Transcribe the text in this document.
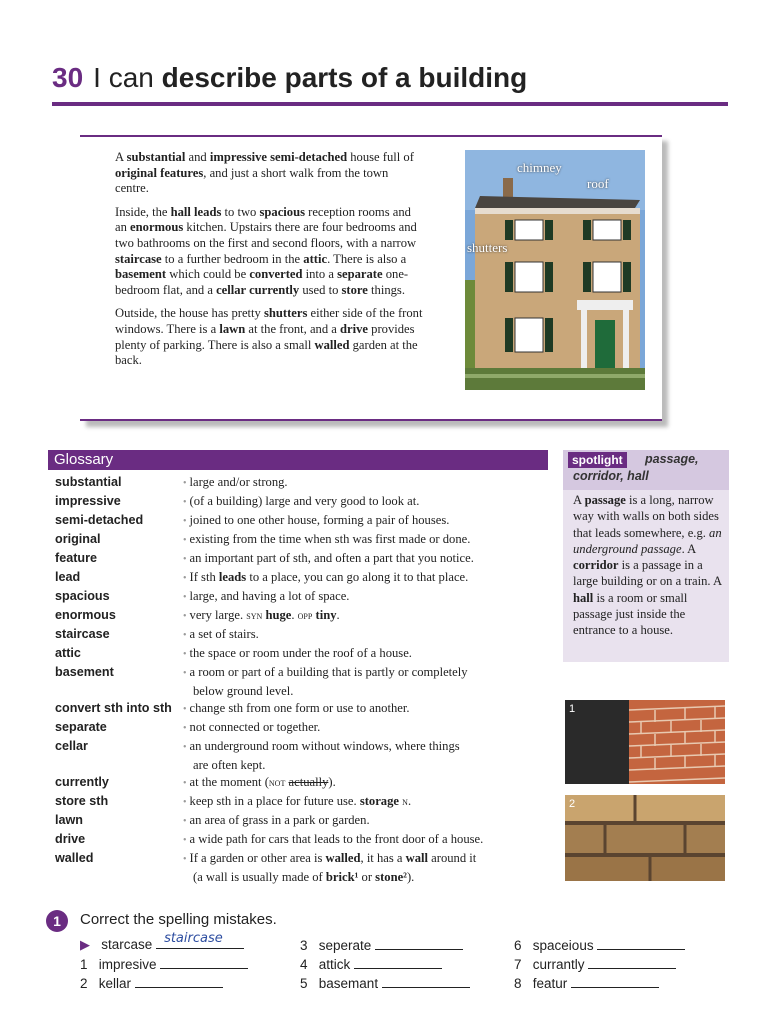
30 I can describe parts of a building

A substantial and impressive semi-detached house full of original features, and just a short walk from the town centre.

Inside, the hall leads to two spacious reception rooms and an enormous kitchen. Upstairs there are four bedrooms and two bathrooms on the first and second floors, with a narrow staircase to a further bedroom in the attic. There is also a basement which could be converted into a separate one-bedroom flat, and a cellar currently used to store things.

Outside, the house has pretty shutters either side of the front windows. There is a lawn at the front, and a drive provides plenty of parking. There is also a small walled garden at the back.

chimney
roof
shutters
Glossary
substantial
impressive
semi-detached
original
feature
lead
spacious
enormous
staircase
attic
basement
convert sth into sth
separate
cellar
currently
store sth
lawn
drive
walled
• large and/or strong.
• (of a building) large and very good to look at.
• joined to one other house, forming a pair of houses.
• existing from the time when sth was first made or done.
• an important part of sth, and often a part that you notice.
• If sth leads to a place, you can go along it to that place.
• large, and having a lot of space.
• very large. syn huge. opp tiny.
• a set of stairs.
• the space or room under the roof of a house.
• a room or part of a building that is partly or completely
below ground level.
• change sth from one form or use to another.
• not connected or together.
• an underground room without windows, where things
are often kept.
• at the moment (not actually).
• keep sth in a place for future use. storage n.
• an area of grass in a park or garden.
• a wide path for cars that leads to the front door of a house.
• If a garden or other area is walled, it has a wall around it
(a wall is usually made of brick¹ or stone²).
spotlight	passage,
corridor, hall
A passage is a long, narrow way with walls on both sides that leads somewhere, e.g. an underground passage. A corridor is a passage in a large building or on a train. A hall is a room or small passage just inside the entrance to a house.
1
2
1	Correct the spelling mistakes.
▶ starcase staircase
1 impresive
2 kellar
3 seperate
4 attick
5 basemant
6 spaceious
7 currantly
8 featur
